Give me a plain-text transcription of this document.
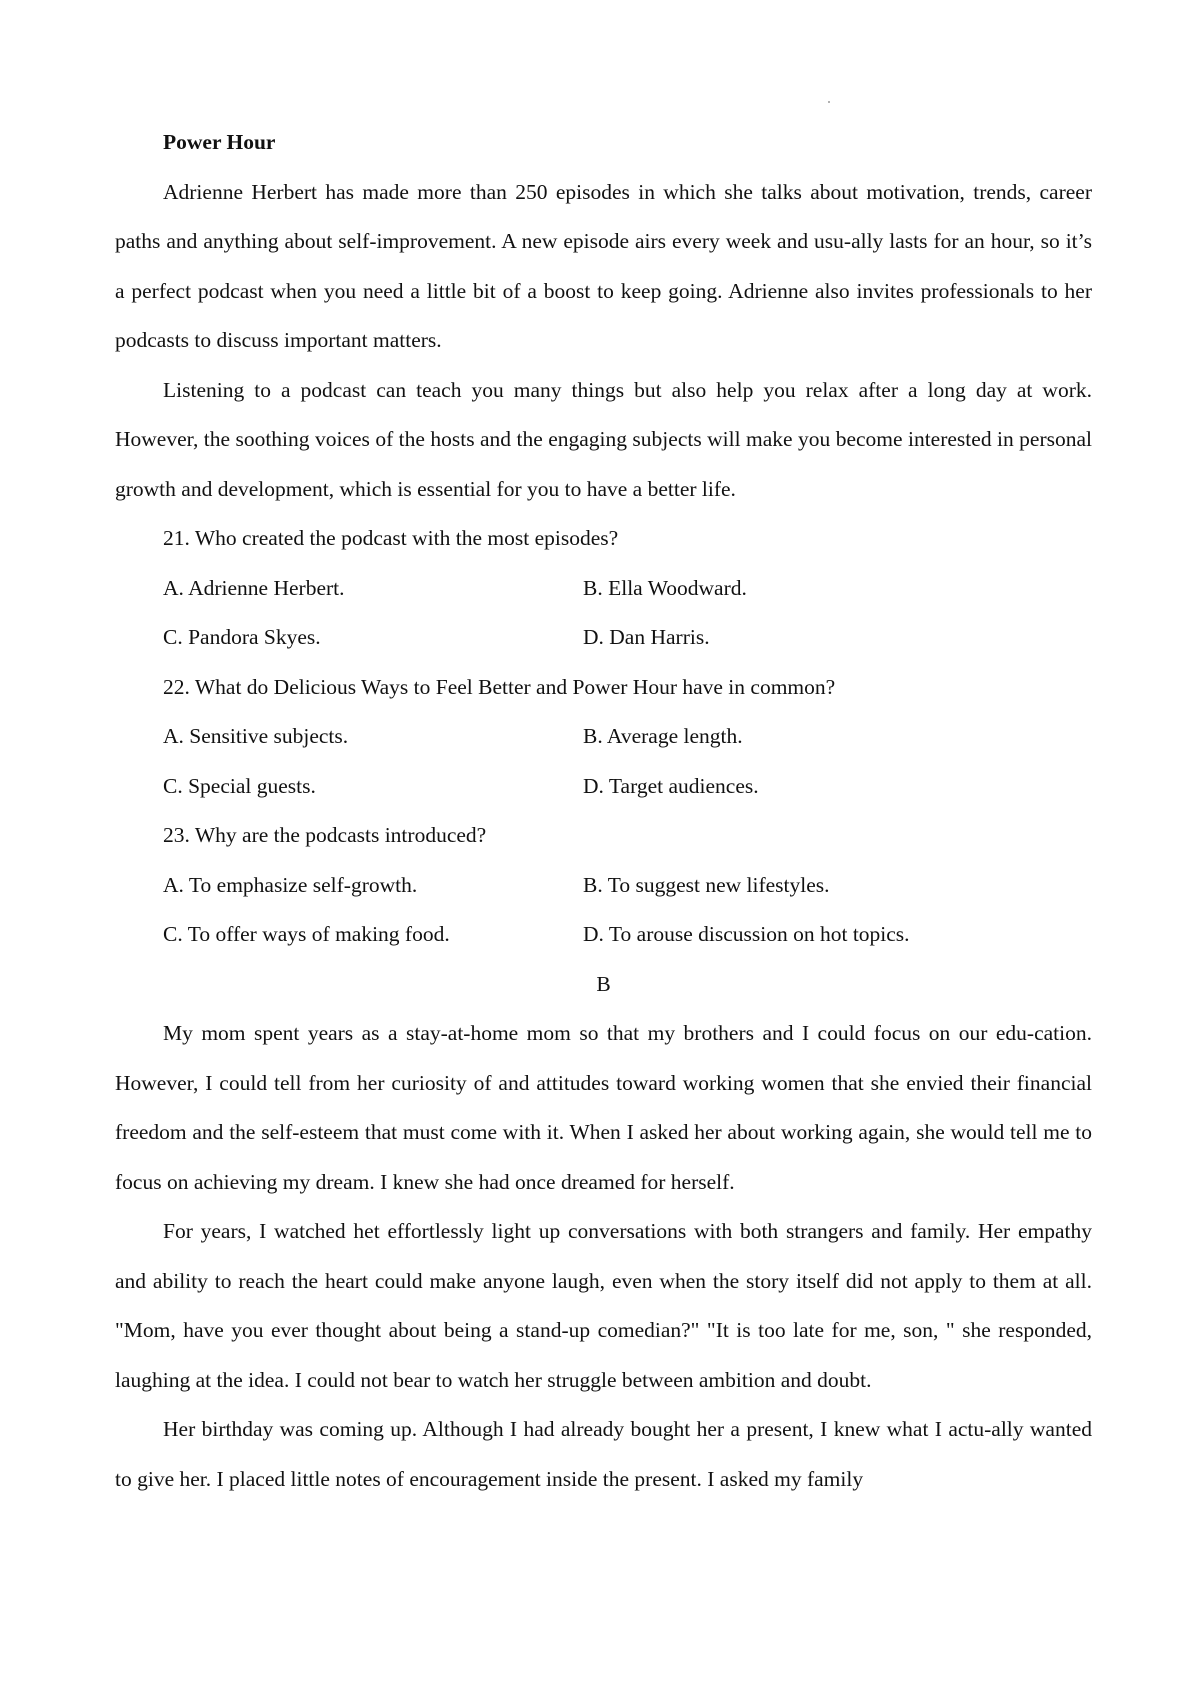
Power Hour

Adrienne Herbert has made more than 250 episodes in which she talks about motivation, trends, career paths and anything about self-improvement. A new episode airs every week and usu-ally lasts for an hour, so it’s a perfect podcast when you need a little bit of a boost to keep going. Adrienne also invites professionals to her podcasts to discuss important matters.

Listening to a podcast can teach you many things but also help you relax after a long day at work. However, the soothing voices of the hosts and the engaging subjects will make you become interested in personal growth and development, which is essential for you to have a better life.

21. Who created the podcast with the most episodes?

A. Adrienne Herbert.	B. Ella Woodward.
C. Pandora Skyes.	D. Dan Harris.

22. What do Delicious Ways to Feel Better and Power Hour have in common?

A. Sensitive subjects.	B. Average length.
C. Special guests.	D. Target audiences.

23. Why are the podcasts introduced?

A. To emphasize self-growth.	B. To suggest new lifestyles.
C. To offer ways of making food.	D. To arouse discussion on hot topics.

B

My mom spent years as a stay-at-home mom so that my brothers and I could focus on our edu-cation. However, I could tell from her curiosity of and attitudes toward working women that she envied their financial freedom and the self-esteem that must come with it. When I asked her about working again, she would tell me to focus on achieving my dream. I knew she had once dreamed for herself.

For years, I watched het effortlessly light up conversations with both strangers and family. Her empathy and ability to reach the heart could make anyone laugh, even when the story itself did not apply to them at all. "Mom, have you ever thought about being a stand-up comedian?" "It is too late for me, son, " she responded, laughing at the idea. I could not bear to watch her struggle between ambition and doubt.

Her birthday was coming up. Although I had already bought her a present, I knew what I actu-ally wanted to give her. I placed little notes of encouragement inside the present. I asked my family
